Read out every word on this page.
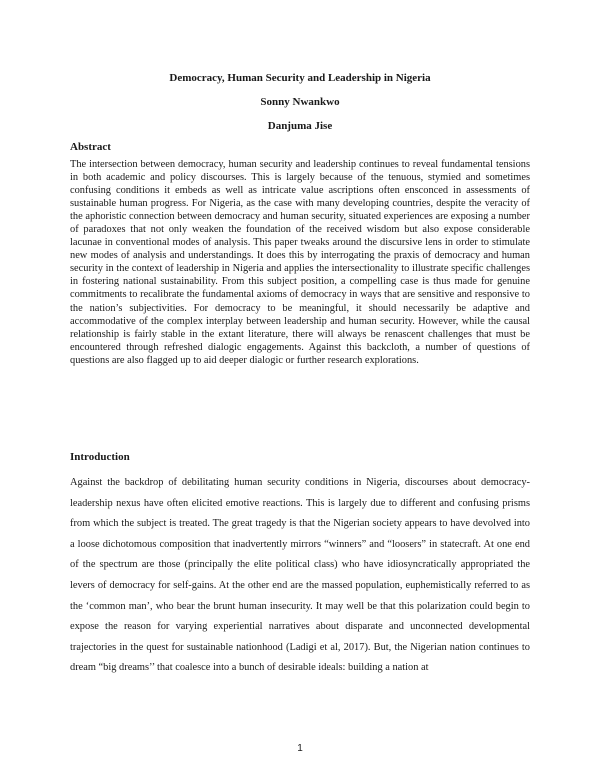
Democracy, Human Security and Leadership in Nigeria
Sonny Nwankwo
Danjuma Jise
Abstract
The intersection between democracy, human security and leadership continues to reveal fundamental tensions in both academic and policy discourses. This is largely because of the tenuous, stymied and sometimes confusing conditions it embeds as well as intricate value ascriptions often ensconced in assessments of sustainable human progress. For Nigeria, as the case with many developing countries, despite the veracity of the aphoristic connection between democracy and human security, situated experiences are exposing a number of paradoxes that not only weaken the foundation of the received wisdom but also expose considerable lacunae in conventional modes of analysis. This paper tweaks around the discursive lens in order to stimulate new modes of analysis and understandings. It does this by interrogating the praxis of democracy and human security in the context of leadership in Nigeria and applies the intersectionality to illustrate specific challenges in fostering national sustainability. From this subject position, a compelling case is thus made for genuine commitments to recalibrate the fundamental axioms of democracy in ways that are sensitive and responsive to the nation’s subjectivities. For democracy to be meaningful, it should necessarily be adaptive and accommodative of the complex interplay between leadership and human security. However, while the causal relationship is fairly stable in the extant literature, there will always be renascent challenges that must be encountered through refreshed dialogic engagements. Against this backcloth, a number of questions of questions are also flagged up to aid deeper dialogic or further research explorations.
Introduction
Against the backdrop of debilitating human security conditions in Nigeria, discourses about democracy-leadership nexus have often elicited emotive reactions. This is largely due to different and confusing prisms from which the subject is treated. The great tragedy is that the Nigerian society appears to have devolved into a loose dichotomous composition that inadvertently mirrors “winners” and “loosers” in statecraft. At one end of the spectrum are those (principally the elite political class) who have idiosyncratically appropriated the levers of democracy for self-gains. At the other end are the massed population, euphemistically referred to as the ‘common man’, who bear the brunt human insecurity. It may well be that this polarization could begin to expose the reason for varying experiential narratives about disparate and unconnected developmental trajectories in the quest for sustainable nationhood (Ladigi et al, 2017). But, the Nigerian nation continues to dream “big dreams’’ that coalesce into a bunch of desirable ideals: building a nation at
1
